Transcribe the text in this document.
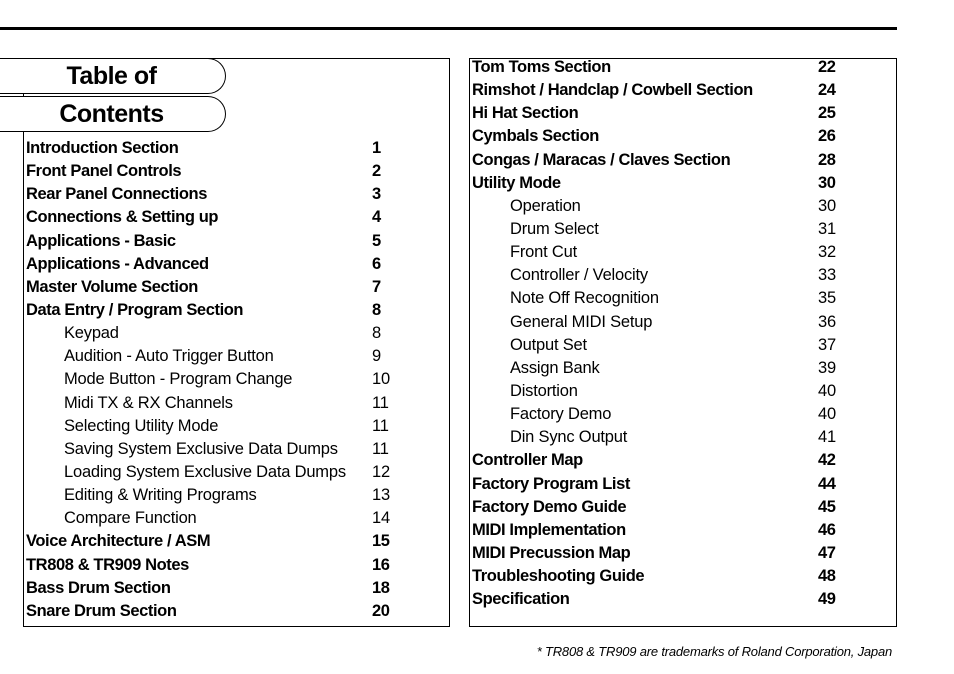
Table of
Contents
Introduction Section	1
Front Panel Controls	2
Rear Panel Connections	3
Connections & Setting up	4
Applications - Basic	5
Applications - Advanced	6
Master Volume Section	7
Data Entry / Program Section	8
Keypad	8
Audition - Auto Trigger Button	9
Mode Button - Program Change	10
Midi TX & RX Channels	11
Selecting Utility Mode	11
Saving System Exclusive Data Dumps 11
Loading System Exclusive Data Dumps 12
Editing & Writing Programs	13
Compare Function	14
Voice Architecture / ASM	15
TR808 & TR909 Notes	16
Bass Drum Section	18
Snare Drum Section	20
Tom Toms Section	22
Rimshot / Handclap / Cowbell Section	24
Hi Hat Section	25
Cymbals Section	26
Congas / Maracas / Claves Section	28
Utility Mode	30
Operation	30
Drum Select	31
Front Cut	32
Controller / Velocity	33
Note Off Recognition	35
General MIDI Setup	36
Output Set	37
Assign Bank	39
Distortion	40
Factory Demo	40
Din Sync Output	41
Controller Map	42
Factory Program List	44
Factory Demo Guide	45
MIDI Implementation	46
MIDI Precussion Map	47
Troubleshooting Guide	48
Specification	49
* TR808 & TR909 are trademarks of Roland Corporation, Japan
